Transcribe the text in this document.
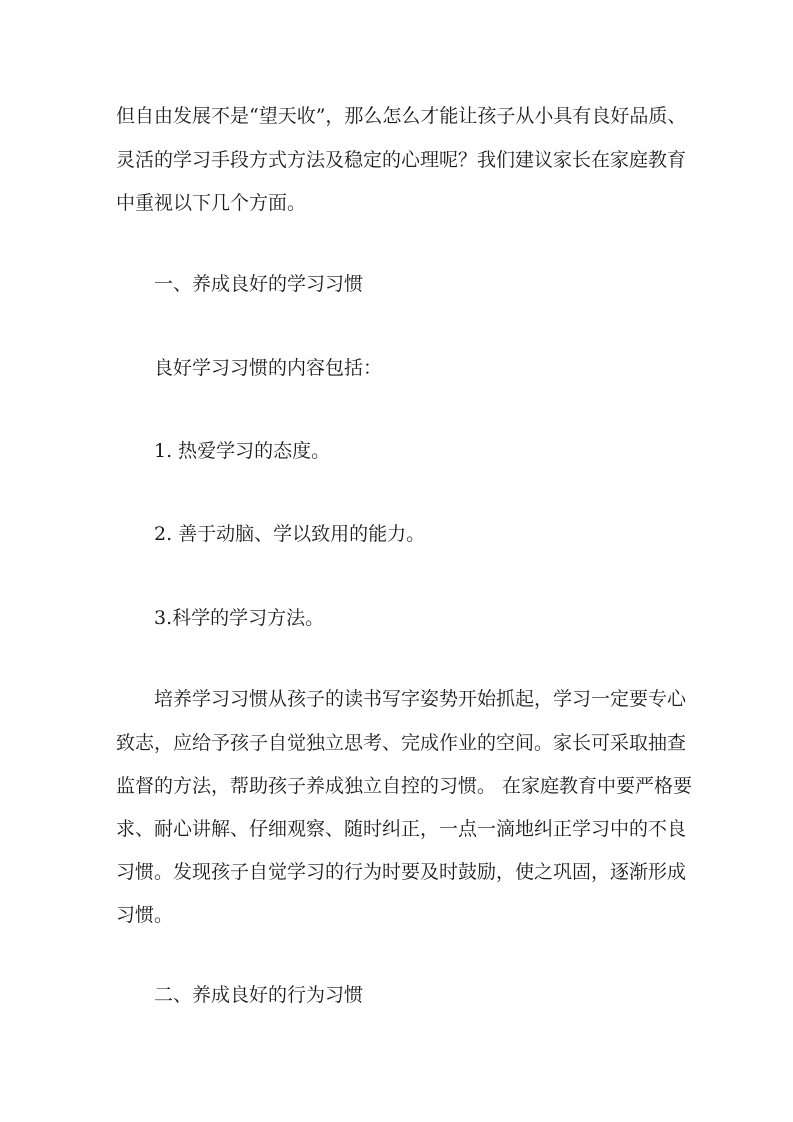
但自由发展不是“望天收”，那么怎么才能让孩子从小具有良好品质、
灵活的学习手段方式方法及稳定的心理呢？我们建议家长在家庭教育
中重视以下几个方面。
一、养成良好的学习习惯
良好学习习惯的内容包括：
1. 热爱学习的态度。
2. 善于动脑、学以致用的能力。
3.科学的学习方法。
培养学习习惯从孩子的读书写字姿势开始抓起，学习一定要专心
致志，应给予孩子自觉独立思考、完成作业的空间。家长可采取抽查
监督的方法，帮助孩子养成独立自控的习惯。 在家庭教育中要严格要
求、耐心讲解、仔细观察、随时纠正，一点一滴地纠正学习中的不良
习惯。发现孩子自觉学习的行为时要及时鼓励，使之巩固，逐渐形成
习惯。
二、养成良好的行为习惯
